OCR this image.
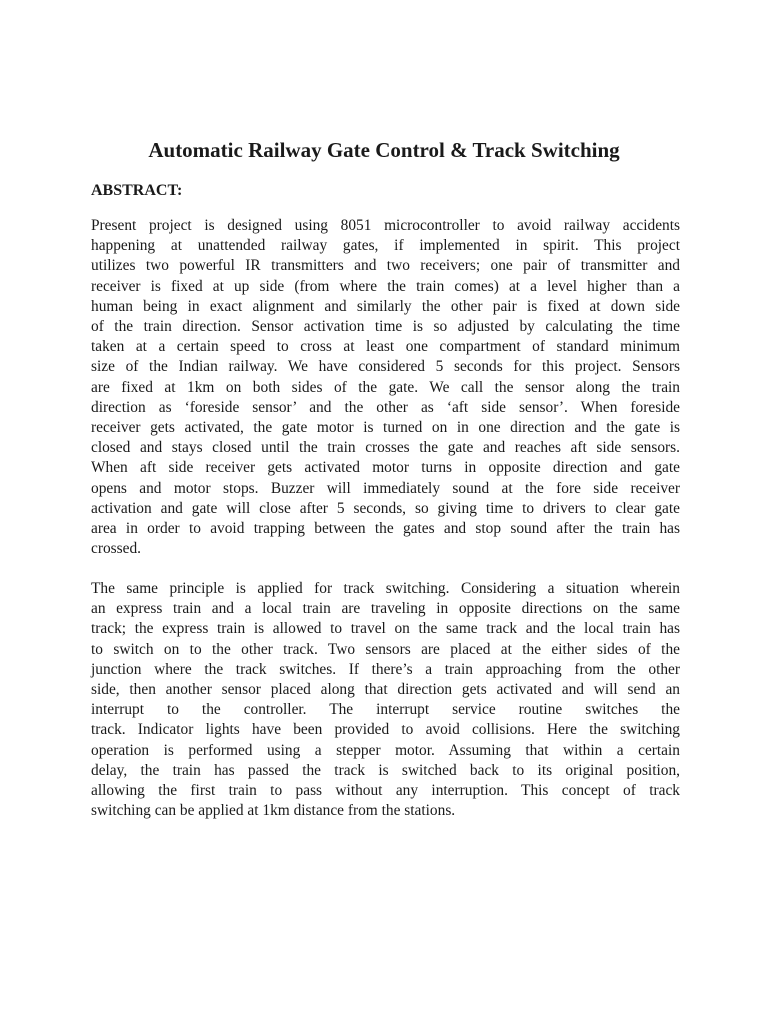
Automatic Railway Gate Control & Track Switching
ABSTRACT:

Present project is designed using 8051 microcontroller to avoid railway accidents
happening at unattended railway gates, if implemented in spirit. This project
utilizes two powerful IR transmitters and two receivers; one pair of transmitter and
receiver is fixed at up side (from where the train comes) at a level higher than a
human being in exact alignment and similarly the other pair is fixed at down side
of the train direction. Sensor activation time is so adjusted by calculating the time
taken at a certain speed to cross at least one compartment of standard minimum
size of the Indian railway. We have considered 5 seconds for this project. Sensors
are fixed at 1km on both sides of the gate. We call the sensor along the train
direction as ‘foreside sensor’ and the other as ‘aft side sensor’. When foreside
receiver gets activated, the gate motor is turned on in one direction and the gate is
closed and stays closed until the train crosses the gate and reaches aft side sensors.
When aft side receiver gets activated motor turns in opposite direction and gate
opens and motor stops. Buzzer will immediately sound at the fore side receiver
activation and gate will close after 5 seconds, so giving time to drivers to clear gate
area in order to avoid trapping between the gates and stop sound after the train has
crossed.

The same principle is applied for track switching. Considering a situation wherein
an express train and a local train are traveling in opposite directions on the same
track; the express train is allowed to travel on the same track and the local train has
to switch on to the other track. Two sensors are placed at the either sides of the
junction where the track switches. If there’s a train approaching from the other
side, then another sensor placed along that direction gets activated and will send an
interrupt to the controller. The interrupt service routine switches the
track. Indicator lights have been provided to avoid collisions. Here the switching
operation is performed using a stepper motor. Assuming that within a certain
delay, the train has passed the track is switched back to its original position,
allowing the first train to pass without any interruption. This concept of track
switching can be applied at 1km distance from the stations.
